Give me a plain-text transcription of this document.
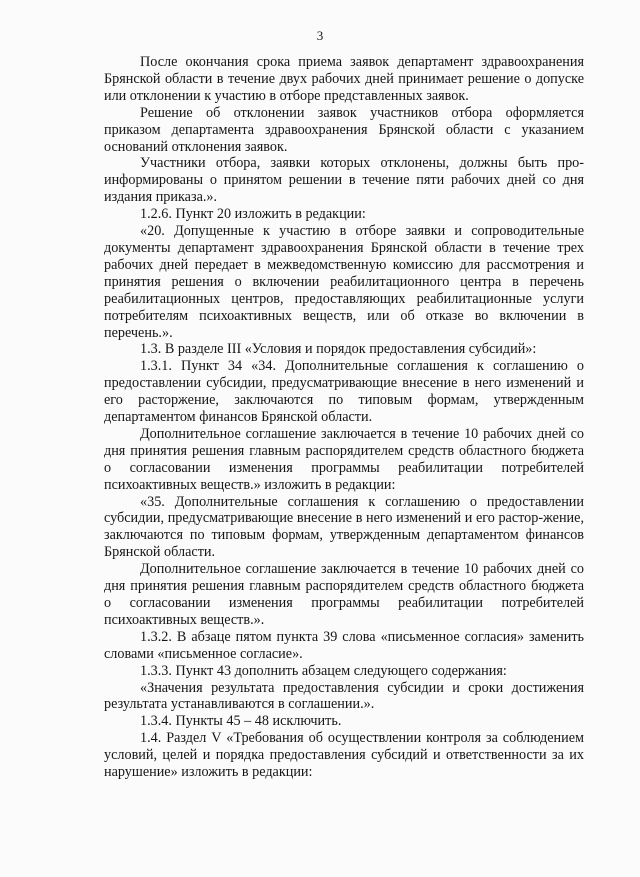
3

После окончания срока приема заявок департамент здравоохранения Брянской области в течение двух рабочих дней принимает решение о допуске или отклонении к участию в отборе представленных заявок.

Решение об отклонении заявок участников отбора оформляется приказом департамента здравоохранения Брянской области с указанием оснований отклонения заявок.

Участники отбора, заявки которых отклонены, должны быть про-информированы о принятом решении в течение пяти рабочих дней со дня издания приказа.».

1.2.6. Пункт 20 изложить в редакции:

«20. Допущенные к участию в отборе заявки и сопроводительные документы департамент здравоохранения Брянской области в течение трех рабочих дней передает в межведомственную комиссию для рассмотрения и принятия решения о включении реабилитационного центра в перечень реабилитационных центров, предоставляющих реабилитационные услуги потребителям психоактивных веществ, или об отказе во включении в перечень.».

1.3. В разделе III «Условия и порядок предоставления субсидий»:

1.3.1. Пункт 34 «34. Дополнительные соглашения к соглашению о предоставлении субсидии, предусматривающие внесение в него изменений и его расторжение, заключаются по типовым формам, утвержденным департаментом финансов Брянской области.

Дополнительное соглашение заключается в течение 10 рабочих дней со дня принятия решения главным распорядителем средств областного бюджета о согласовании изменения программы реабилитации потребителей психоактивных веществ.» изложить в редакции:

«35. Дополнительные соглашения к соглашению о предоставлении субсидии, предусматривающие внесение в него изменений и его растор-жение, заключаются по типовым формам, утвержденным департаментом финансов Брянской области.

Дополнительное соглашение заключается в течение 10 рабочих дней со дня принятия решения главным распорядителем средств областного бюджета о согласовании изменения программы реабилитации потребителей психоактивных веществ.».

1.3.2. В абзаце пятом пункта 39 слова «письменное согласия» заменить словами «письменное согласие».

1.3.3. Пункт 43 дополнить абзацем следующего содержания:

«Значения результата предоставления субсидии и сроки достижения результата устанавливаются в соглашении.».

1.3.4. Пункты 45 – 48 исключить.

1.4. Раздел V «Требования об осуществлении контроля за соблюдением условий, целей и порядка предоставления субсидий и ответственности за их нарушение» изложить в редакции:
